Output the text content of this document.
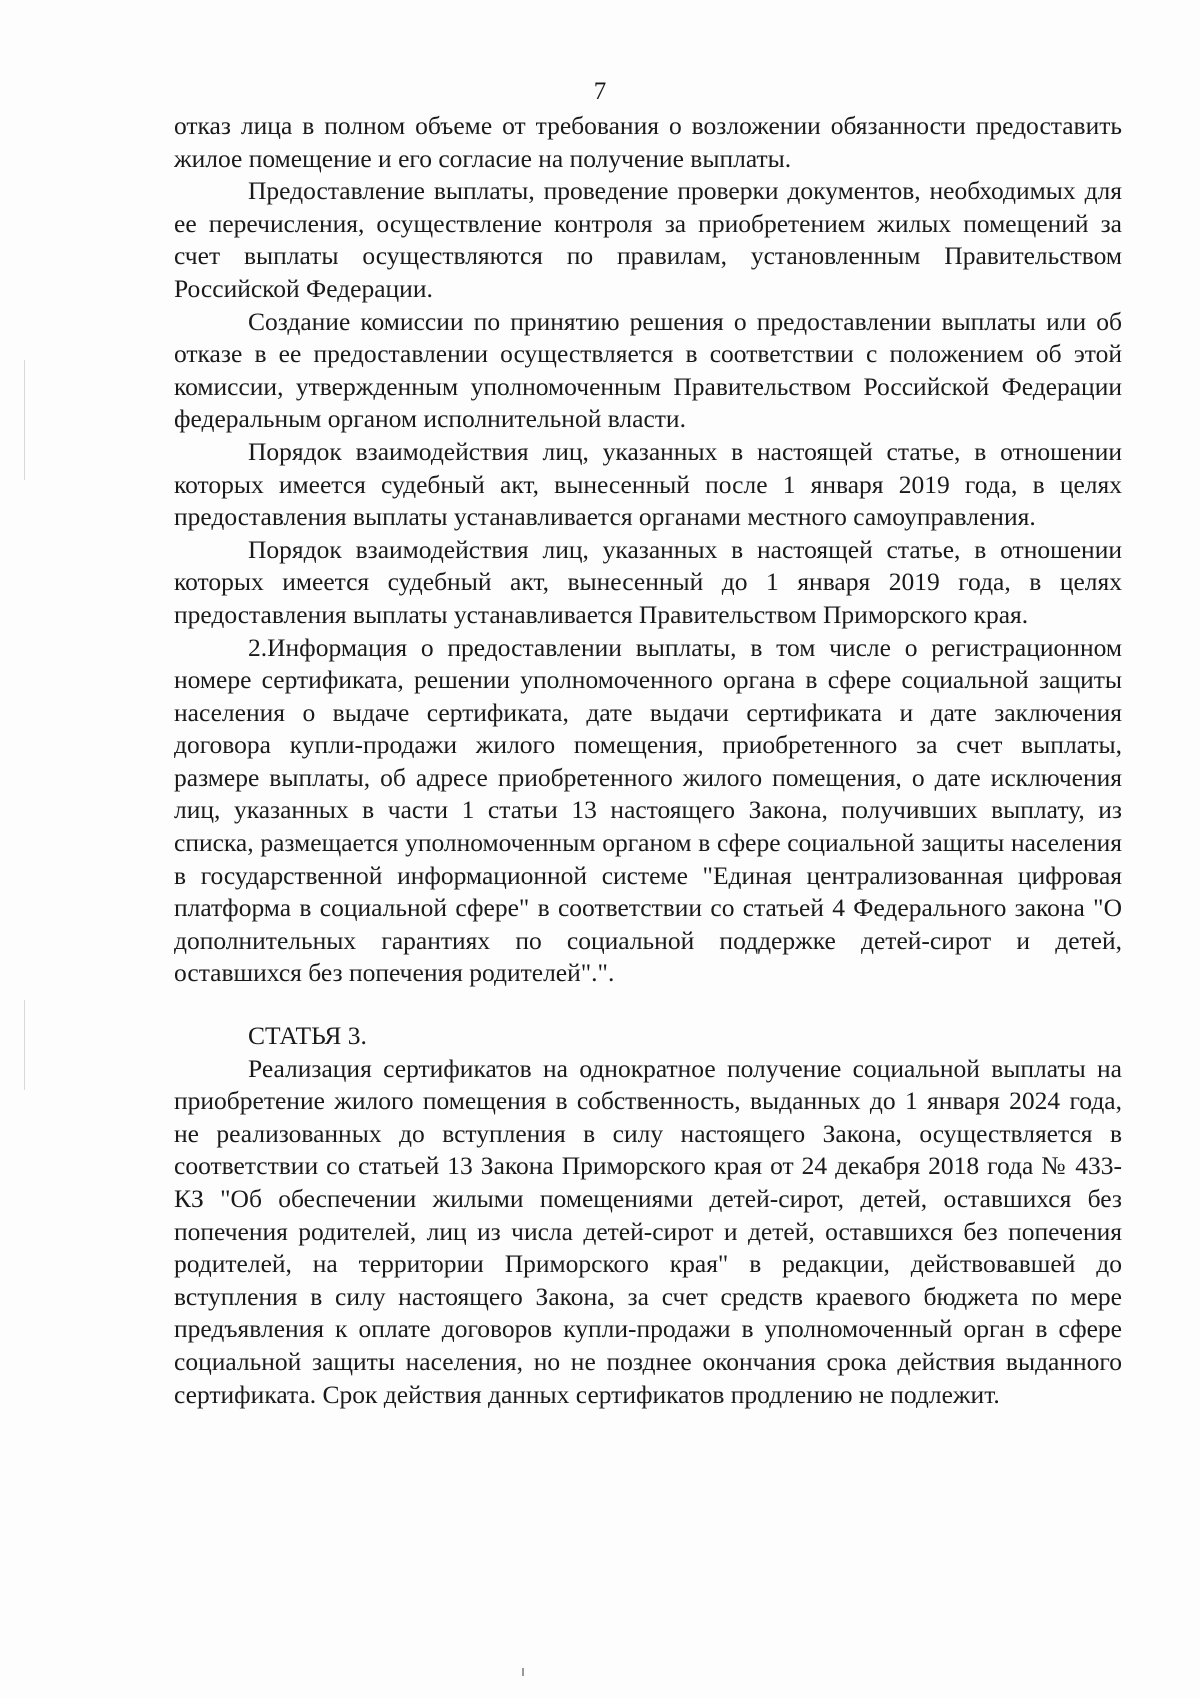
7

отказ лица в полном объеме от требования о возложении обязанности предоставить жилое помещение и его согласие на получение выплаты.

Предоставление выплаты, проведение проверки документов, необходимых для ее перечисления, осуществление контроля за приобретением жилых помещений за счет выплаты осуществляются по правилам, установленным Правительством Российской Федерации.

Создание комиссии по принятию решения о предоставлении выплаты или об отказе в ее предоставлении осуществляется в соответствии с положением об этой комиссии, утвержденным уполномоченным Правительством Российской Федерации федеральным органом исполнительной власти.

Порядок взаимодействия лиц, указанных в настоящей статье, в отношении которых имеется судебный акт, вынесенный после 1 января 2019 года, в целях предоставления выплаты устанавливается органами местного самоуправления.

Порядок взаимодействия лиц, указанных в настоящей статье, в отношении которых имеется судебный акт, вынесенный до 1 января 2019 года, в целях предоставления выплаты устанавливается Правительством Приморского края.

2.Информация о предоставлении выплаты, в том числе о регистрационном номере сертификата, решении уполномоченного органа в сфере социальной защиты населения о выдаче сертификата, дате выдачи сертификата и дате заключения договора купли-продажи жилого помещения, приобретенного за счет выплаты, размере выплаты, об адресе приобретенного жилого помещения, о дате исключения лиц, указанных в части 1 статьи 13 настоящего Закона, получивших выплату, из списка, размещается уполномоченным органом в сфере социальной защиты населения в государственной информационной системе "Единая централизованная цифровая платформа в социальной сфере" в соответствии со статьей 4 Федерального закона "О дополнительных гарантиях по социальной поддержке детей-сирот и детей, оставшихся без попечения родителей".".

СТАТЬЯ 3.

Реализация сертификатов на однократное получение социальной выплаты на приобретение жилого помещения в собственность, выданных до 1 января 2024 года, не реализованных до вступления в силу настоящего Закона, осуществляется в соответствии со статьей 13 Закона Приморского края от 24 декабря 2018 года № 433-КЗ "Об обеспечении жилыми помещениями детей-сирот, детей, оставшихся без попечения родителей, лиц из числа детей-сирот и детей, оставшихся без попечения родителей, на территории Приморского края" в редакции, действовавшей до вступления в силу настоящего Закона, за счет средств краевого бюджета по мере предъявления к оплате договоров купли-продажи в уполномоченный орган в сфере социальной защиты населения, но не позднее окончания срока действия выданного сертификата. Срок действия данных сертификатов продлению не подлежит.
